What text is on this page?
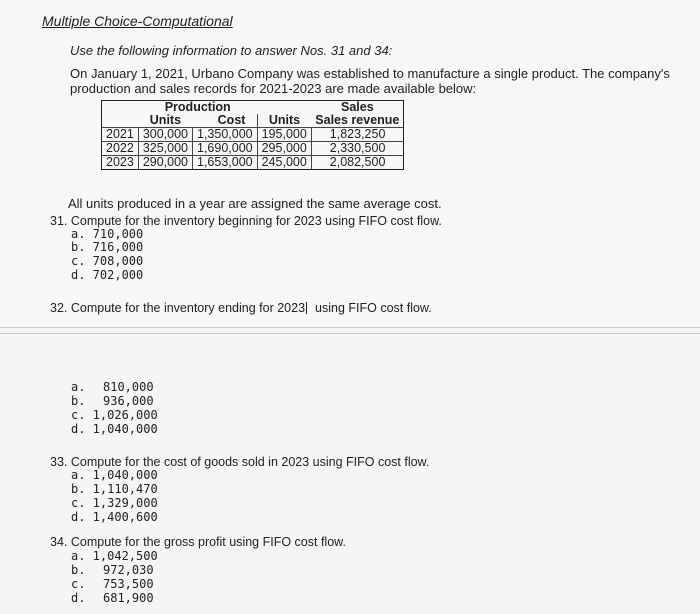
Multiple Choice-Computational
Use the following information to answer Nos. 31 and 34:
On January 1, 2021, Urbano Company was established to manufacture a single product. The company's
production and sales records for 2021-2023 are made available below:
	Production			Sales
	Units	Cost	Units	Sales revenue
2021	300,000	1,350,000	195,000	1,823,250
2022	325,000	1,690,000	295,000	2,330,500
2023	290,000	1,653,000	245,000	2,082,500
All units produced in a year are assigned the same average cost.
31. Compute for the inventory beginning for 2023 using FIFO cost flow.
a. 710,000
b. 716,000
c. 708,000
d. 702,000
32. Compute for the inventory ending for 2023 using FIFO cost flow.
a. 810,000
b. 936,000
c. 1,026,000
d. 1,040,000
33. Compute for the cost of goods sold in 2023 using FIFO cost flow.
a. 1,040,000
b. 1,110,470
c. 1,329,000
d. 1,400,600
34. Compute for the gross profit using FIFO cost flow.
a. 1,042,500
b. 972,030
c. 753,500
d. 681,900
